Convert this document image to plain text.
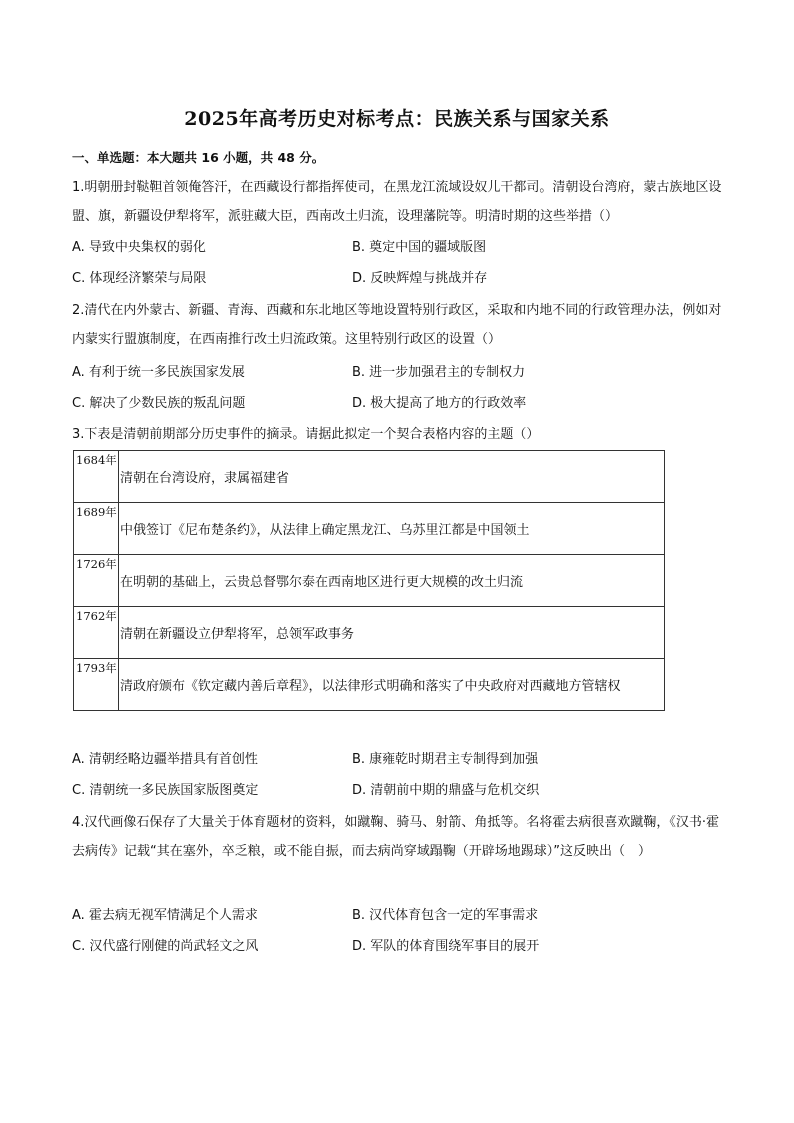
2025年高考历史对标考点：民族关系与国家关系
一、单选题：本大题共 16 小题，共 48 分。

1.明朝册封鞑靼首领俺答汗，在西藏设行都指挥使司，在黑龙江流域设奴儿干都司。清朝设台湾府，蒙古族地区设盟、旗，新疆设伊犁将军，派驻藏大臣，西南改土归流，设理藩院等。明清时期的这些举措（）

A. 导致中央集权的弱化	B. 奠定中国的疆域版图
C. 体现经济繁荣与局限	D. 反映辉煌与挑战并存

2.清代在内外蒙古、新疆、青海、西藏和东北地区等地设置特别行政区，采取和内地不同的行政管理办法，例如对内蒙实行盟旗制度，在西南推行改土归流政策。这里特别行政区的设置（）

A. 有利于统一多民族国家发展	B. 进一步加强君主的专制权力
C. 解决了少数民族的叛乱问题	D. 极大提高了地方的行政效率

3.下表是清朝前期部分历史事件的摘录。请据此拟定一个契合表格内容的主题（）

1684年	清朝在台湾设府，隶属福建省
1689年	中俄签订《尼布楚条约》，从法律上确定黑龙江、乌苏里江都是中国领土
1726年	在明朝的基础上，云贵总督鄂尔泰在西南地区进行更大规模的改土归流
1762年	清朝在新疆设立伊犁将军，总领军政事务
1793年	清政府颁布《钦定藏内善后章程》，以法律形式明确和落实了中央政府对西藏地方管辖权
A. 清朝经略边疆举措具有首创性	B. 康雍乾时期君主专制得到加强
C. 清朝统一多民族国家版图奠定	D. 清朝前中期的鼎盛与危机交织

4.汉代画像石保存了大量关于体育题材的资料，如蹴鞠、骑马、射箭、角抵等。名将霍去病很喜欢蹴鞠，《汉书·霍去病传》记载“其在塞外，卒乏粮，或不能自振，而去病尚穿域蹋鞠（开辟场地踢球）”这反映出（　）

A. 霍去病无视军情满足个人需求	B. 汉代体育包含一定的军事需求
C. 汉代盛行刚健的尚武轻文之风	D. 军队的体育围绕军事目的展开
